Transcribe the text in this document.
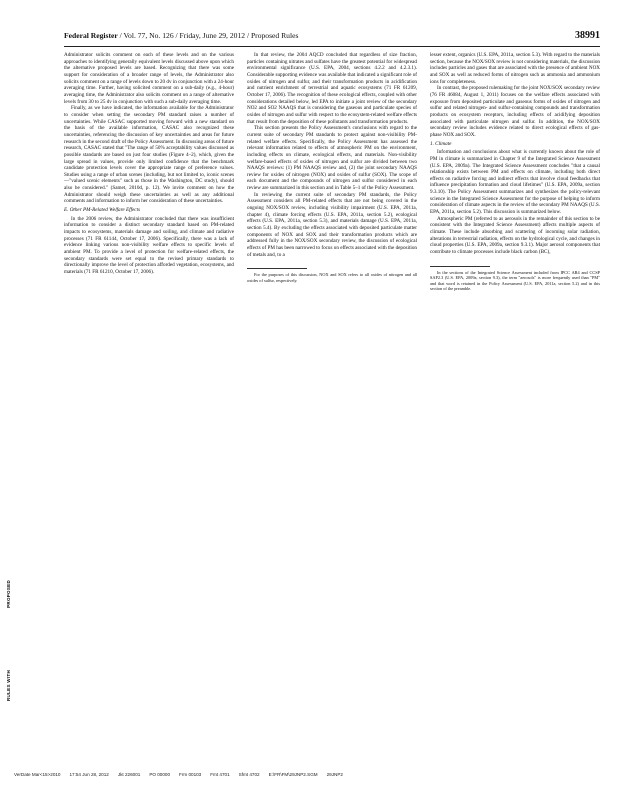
Federal Register / Vol. 77, No. 126 / Friday, June 29, 2012 / Proposed Rules	38991

Administrator solicits comment on each of these levels and on the various approaches to identifying generally equivalent levels discussed above upon which the alternative proposed levels are based. Recognizing that there was some support for consideration of a broader range of levels, the Administrator also solicits comment on a range of levels down to 20 dv in conjunction with a 24-hour averaging time. Further, having solicited comment on a sub-daily (e.g., 4-hour) averaging time, the Administrator also solicits comment on a range of alternative levels from 30 to 25 dv in conjunction with such a sub-daily averaging time.

Finally, as we have indicated, the information available for the Administrator to consider when setting the secondary PM standard raises a number of uncertainties. While CASAC supported moving forward with a new standard on the basis of the available information, CASAC also recognized these uncertainties, referencing the discussion of key uncertainties and areas for future research in the second draft of the Policy Assessment. In discussing areas of future research, CASAC stated that "The range of 50% acceptability values discussed as possible standards are based on just four studies (Figure 4–2), which, given the large spread in values, provide only limited confidence that the benchmark candidate protection levels cover the appropriate range of preference values. Studies using a range of urban scenes (including, but not limited to, iconic scenes—"valued scenic elements" such as those in the Washington, DC study), should also be considered." (Samet, 2010d, p. 12). We invite comment on how the Administrator should weigh these uncertainties as well as any additional comments and information to inform her consideration of these uncertainties.

E. Other PM-Related Welfare Effects

In the 2006 review, the Administrator concluded that there was insufficient information to consider a distinct secondary standard based on PM-related impacts to ecosystems, materials damage and soiling, and climate and radiative processes (71 FR 61144, October 17, 2006). Specifically, there was a lack of evidence linking various non-visibility welfare effects to specific levels of ambient PM. To provide a level of protection for welfare-related effects, the secondary standards were set equal to the revised primary standards to directionally improve the level of protection afforded vegetation, ecosystems, and materials (71 FR 61210, October 17, 2006).

In that review, the 2004 AQCD concluded that regardless of size fraction, particles containing nitrates and sulfates have the greatest potential for widespread environmental significance (U.S. EPA, 2004, sections 4.2.2 and 4.2.3.1). Considerable supporting evidence was available that indicated a significant role of oxides of nitrogen and sulfur, and their transformation products in acidification and nutrient enrichment of terrestrial and aquatic ecosystems (71 FR 61209, October 17, 2006). The recognition of these ecological effects, coupled with other considerations detailed below, led EPA to initiate a joint review of the secondary NO2 and SO2 NAAQS that is considering the gaseous and particulate species of oxides of nitrogen and sulfur with respect to the ecosystem-related welfare effects that result from the deposition of these pollutants and transformation products.

This section presents the Policy Assessment's conclusions with regard to the current suite of secondary PM standards to protect against non-visibility PM-related welfare effects. Specifically, the Policy Assessment has assessed the relevant information related to effects of atmospheric PM on the environment, including effects on climate, ecological effects, and materials. Non-visibility welfare-based effects of oxides of nitrogen and sulfur are divided between two NAAQS reviews: (1) PM NAAQS review and, (2) the joint secondary NAAQS review for oxides of nitrogen (NOX) and oxides of sulfur (SOX). The scope of each document and the compounds of nitrogen and sulfur considered in each review are summarized in this section and in Table 5–1 of the Policy Assessment.

In reviewing the current suite of secondary PM standards, the Policy Assessment considers all PM-related effects that are not being covered in the ongoing NOX/SOX review, including visibility impairment (U.S. EPA, 2011a, chapter 4), climate forcing effects (U.S. EPA, 2011a, section 5.2), ecological effects (U.S. EPA, 2011a, section 5.3), and materials damage (U.S. EPA, 2011a, section 5.4). By excluding the effects associated with deposited particulate matter components of NOX and SOX and their transformation products which are addressed fully in the NOX/SOX secondary review, the discussion of ecological effects of PM has been narrowed to focus on effects associated with the deposition of metals and, to a

For the purposes of this discussion, NOX and SOX refers to all oxides of nitrogen and all oxides of sulfur, respectively.

lesser extent, organics (U.S. EPA, 2011a, section 5.3). With regard to the materials section, because the NOX/SOX review is not considering materials, the discussion includes particles and gases that are associated with the presence of ambient NOX and SOX as well as reduced forms of nitrogen such as ammonia and ammonium ions for completeness.

In contrast, the proposed rulemaking for the joint NOX/SOX secondary review (76 FR 46084, August 1, 2011) focuses on the welfare effects associated with exposure from deposited particulate and gaseous forms of oxides of nitrogen and sulfur and related nitrogen- and sulfur-containing compounds and transformation products on ecosystem receptors, including effects of acidifying deposition associated with particulate nitrogen and sulfur. In addition, the NOX/SOX secondary review includes evidence related to direct ecological effects of gas-phase NOX and SOX.

1. Climate

Information and conclusions about what is currently known about the role of PM in climate is summarized in Chapter 9 of the Integrated Science Assessment (U.S. EPA, 2009a). The Integrated Science Assessment concludes "that a causal relationship exists between PM and effects on climate, including both direct effects on radiative forcing and indirect effects that involve cloud feedbacks that influence precipitation formation and cloud lifetimes" (U.S. EPA, 2009a, section 9.3.10). The Policy Assessment summarizes and synthesizes the policy-relevant science in the Integrated Science Assessment for the purpose of helping to inform consideration of climate aspects in the review of the secondary PM NAAQS (U.S. EPA, 2011a, section 5.2). This discussion is summarized below.

Atmospheric PM (referred to as aerosols in the remainder of this section to be consistent with the Integrated Science Assessment) affects multiple aspects of climate. These include absorbing and scattering of incoming solar radiation, alterations in terrestrial radiation, effects on the hydrological cycle, and changes in cloud properties (U.S. EPA, 2009a, section 9.3.1). Major aerosol components that contribute to climate processes include black carbon (BC),

In the sections of the Integrated Science Assessment included from IPCC AR4 and CCSP SAP2.3 (U.S. EPA, 2009a, section 9.3), the term "aerosols" is more frequently used than "PM" and that word is retained in the Policy Assessment (U.S. EPA, 2011a, section 5.2) and in this section of the preamble.

PROPOSED
RULES WITH
VerDate Mar<15>2010 17:54 Jun 28, 2012 Jkt 226001 PO 00000 Frm 00103 Fmt 4701 Sfmt 4702 E:\FR\FM\29JNP2.SGM 29JNP2
